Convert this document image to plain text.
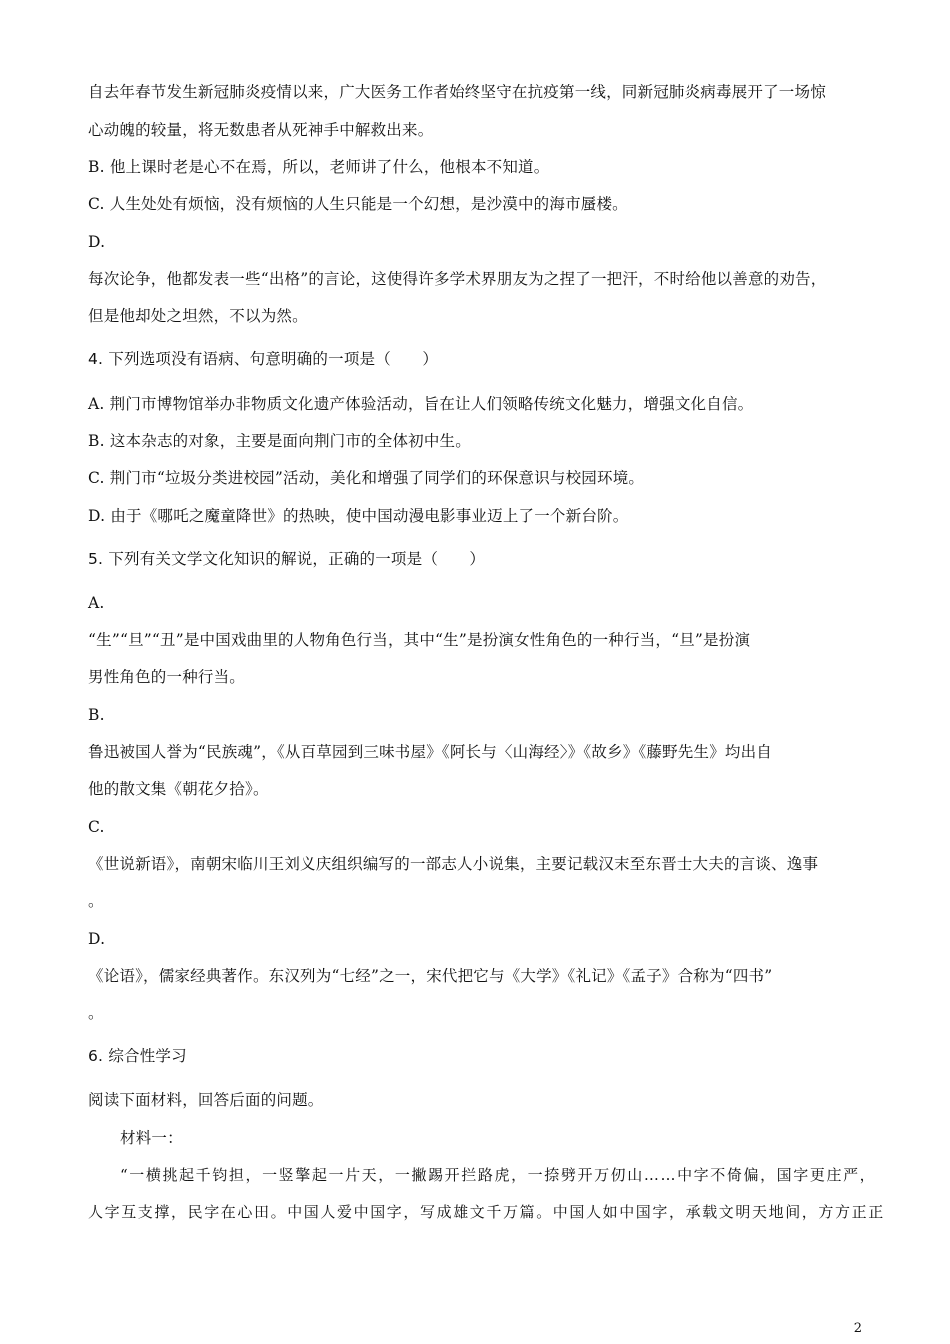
自去年春节发生新冠肺炎疫情以来，广大医务工作者始终坚守在抗疫第一线，同新冠肺炎病毒展开了一场惊
心动魄的较量，将无数患者从死神手中解救出来。
B. 他上课时老是心不在焉，所以，老师讲了什么，他根本不知道。
C. 人生处处有烦恼，没有烦恼的人生只能是一个幻想，是沙漠中的海市蜃楼。
D.
每次论争，他都发表一些“出格”的言论，这使得许多学术界朋友为之捏了一把汗，不时给他以善意的劝告，
但是他却处之坦然，不以为然。
4. 下列选项没有语病、句意明确的一项是（　　）
A. 荆门市博物馆举办非物质文化遗产体验活动，旨在让人们领略传统文化魅力，增强文化自信。
B. 这本杂志的对象，主要是面向荆门市的全体初中生。
C. 荆门市“垃圾分类进校园”活动，美化和增强了同学们的环保意识与校园环境。
D. 由于《哪吒之魔童降世》的热映，使中国动漫电影事业迈上了一个新台阶。
5. 下列有关文学文化知识的解说，正确的一项是（　　）
A.
“生”“旦”“丑”是中国戏曲里的人物角色行当，其中“生”是扮演女性角色的一种行当，“旦”是扮演
男性角色的一种行当。
B.
鲁迅被国人誉为“民族魂”，《从百草园到三味书屋》《阿长与〈山海经〉》《故乡》《藤野先生》均出自
他的散文集《朝花夕拾》。
C.
《世说新语》，南朝宋临川王刘义庆组织编写的一部志人小说集，主要记载汉末至东晋士大夫的言谈、逸事
。
D.
《论语》，儒家经典著作。东汉列为“七经”之一，宋代把它与《大学》《礼记》《孟子》合称为“四书”
。
6. 综合性学习
阅读下面材料，回答后面的问题。
材料一：
“一横挑起千钧担，一竖擎起一片天，一撇踢开拦路虎，一捺劈开万仞山……中字不倚偏，国字更庄严，
人字互支撑，民字在心田。中国人爱中国字，写成雄文千万篇。中国人如中国字，承载文明天地间，方方正正
2
